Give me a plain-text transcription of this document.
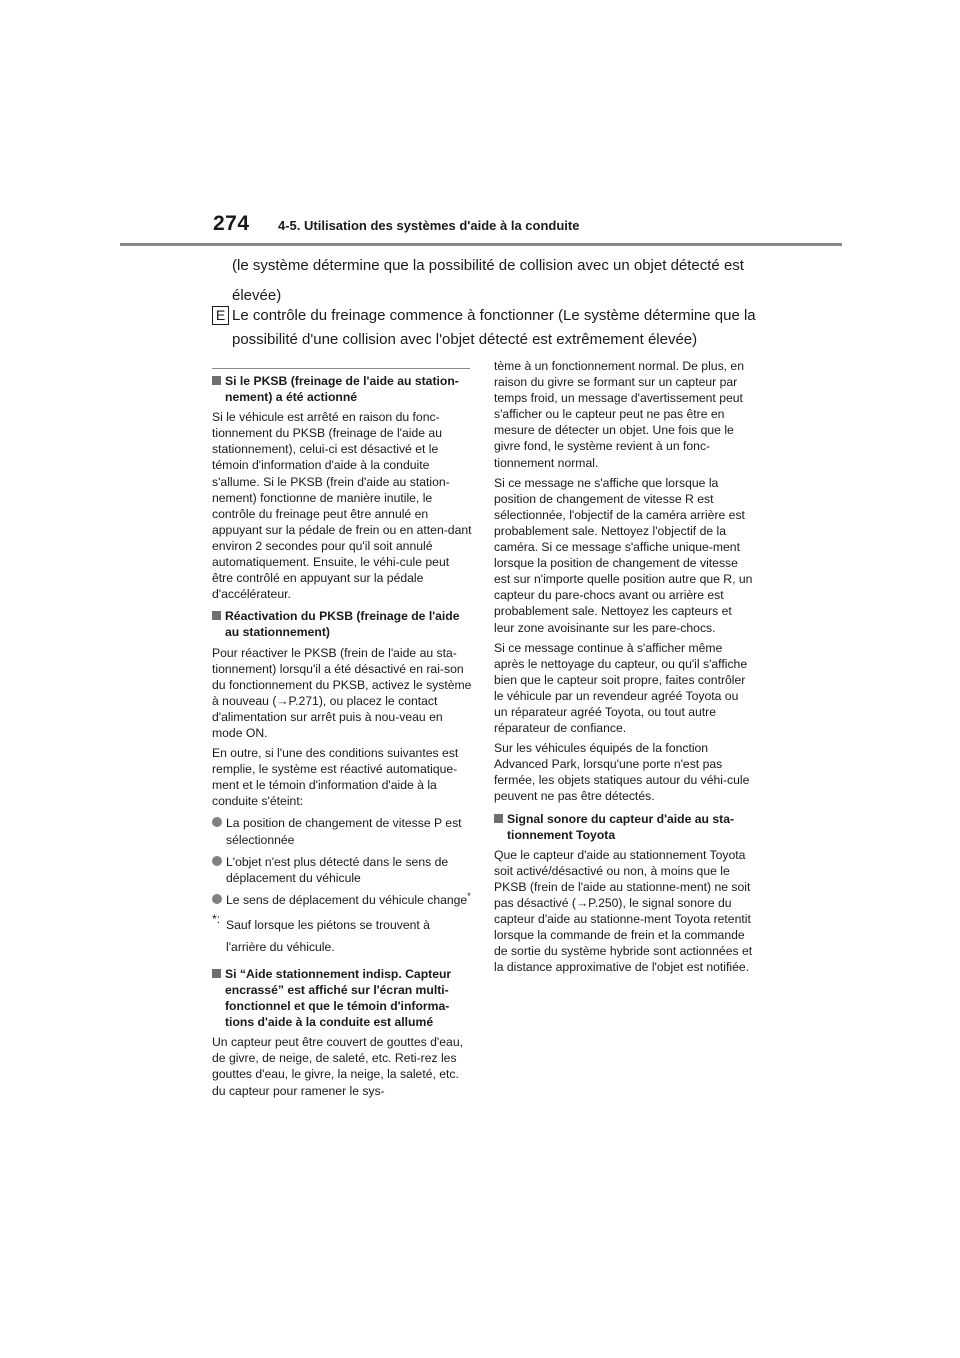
274 4-5. Utilisation des systèmes d'aide à la conduite

(le système détermine que la possibilité de collision avec un objet détecté est

élevée)

E Le contrôle du freinage commence à fonctionner (Le système détermine que la possibilité d'une collision avec l'objet détecté est extrêmement élevée)

Si le PKSB (freinage de l'aide au station-nement) a été actionné

Si le véhicule est arrêté en raison du fonc-tionnement du PKSB (freinage de l'aide au stationnement), celui-ci est désactivé et le témoin d'information d'aide à la conduite s'allume. Si le PKSB (frein d'aide au station-nement) fonctionne de manière inutile, le contrôle du freinage peut être annulé en appuyant sur la pédale de frein ou en atten-dant environ 2 secondes pour qu'il soit annulé automatiquement. Ensuite, le véhi-cule peut être contrôlé en appuyant sur la pédale d'accélérateur.

Réactivation du PKSB (freinage de l'aide au stationnement)

Pour réactiver le PKSB (frein de l'aide au sta-tionnement) lorsqu'il a été désactivé en rai-son du fonctionnement du PKSB, activez le système à nouveau (→P.271), ou placez le contact d'alimentation sur arrêt puis à nou-veau en mode ON.

En outre, si l'une des conditions suivantes est remplie, le système est réactivé automatique-ment et le témoin d'information d'aide à la conduite s'éteint:

La position de changement de vitesse P est sélectionnée
L'objet n'est plus détecté dans le sens de déplacement du véhicule
Le sens de déplacement du véhicule change*
*: Sauf lorsque les piétons se trouvent à l'arrière du véhicule.
Si “Aide stationnement indisp. Capteur encrassé” est affiché sur l'écran multi-fonctionnel et que le témoin d'informa-tions d'aide à la conduite est allumé

Un capteur peut être couvert de gouttes d'eau, de givre, de neige, de saleté, etc. Reti-rez les gouttes d'eau, le givre, la neige, la saleté, etc. du capteur pour ramener le sys-

tème à un fonctionnement normal. De plus, en raison du givre se formant sur un capteur par temps froid, un message d'avertissement peut s'afficher ou le capteur peut ne pas être en mesure de détecter un objet. Une fois que le givre fond, le système revient à un fonc-tionnement normal.

Si ce message ne s'affiche que lorsque la position de changement de vitesse R est sélectionnée, l'objectif de la caméra arrière est probablement sale. Nettoyez l'objectif de la caméra. Si ce message s'affiche unique-ment lorsque la position de changement de vitesse est sur n'importe quelle position autre que R, un capteur du pare-chocs avant ou arrière est probablement sale. Nettoyez les capteurs et leur zone avoisinante sur les pare-chocs.

Si ce message continue à s'afficher même après le nettoyage du capteur, ou qu'il s'affiche bien que le capteur soit propre, faites contrôler le véhicule par un revendeur agréé Toyota ou un réparateur agréé Toyota, ou tout autre réparateur de confiance.

Sur les véhicules équipés de la fonction Advanced Park, lorsqu'une porte n'est pas fermée, les objets statiques autour du véhi-cule peuvent ne pas être détectés.

Signal sonore du capteur d'aide au sta-tionnement Toyota

Que le capteur d'aide au stationnement Toyota soit activé/désactivé ou non, à moins que le PKSB (frein de l'aide au stationne-ment) ne soit pas désactivé (→P.250), le signal sonore du capteur d'aide au stationne-ment Toyota retentit lorsque la commande de frein et la commande de sortie du système hybride sont actionnées et la distance approximative de l'objet est notifiée.
